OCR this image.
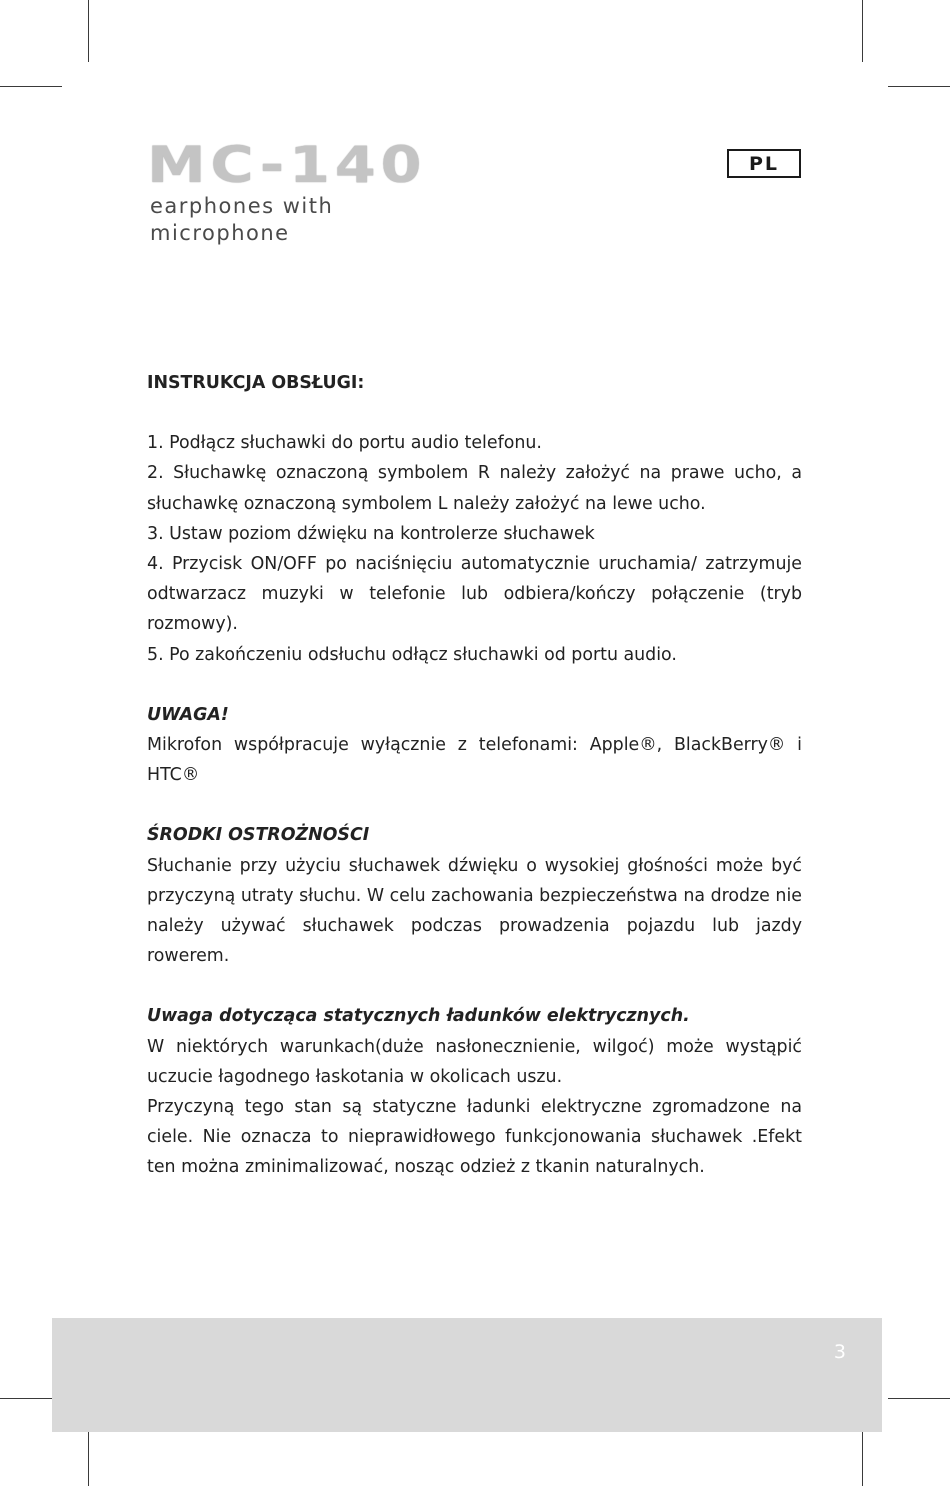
MC-140
earphones with
microphone
PL

INSTRUKCJA OBSŁUGI:

1. Podłącz słuchawki do portu audio telefonu.

2. Słuchawkę oznaczoną symbolem R należy założyć na prawe ucho, a słuchawkę oznaczoną symbolem L należy założyć na lewe ucho.

3. Ustaw poziom dźwięku na kontrolerze słuchawek

4. Przycisk ON/OFF po naciśnięciu automatycznie uruchamia/ zatrzymuje odtwarzacz muzyki w telefonie lub odbiera/kończy połączenie (tryb rozmowy).

5. Po zakończeniu odsłuchu odłącz słuchawki od portu audio.

UWAGA!

Mikrofon współpracuje wyłącznie z telefonami: Apple®, BlackBerry® i HTC®

ŚRODKI OSTROŻNOŚCI

Słuchanie przy użyciu słuchawek dźwięku o wysokiej głośności może być przyczyną utraty słuchu. W celu zachowania bezpieczeństwa na drodze nie należy używać słuchawek podczas prowadzenia pojazdu lub jazdy rowerem.

Uwaga dotycząca statycznych ładunków elektrycznych.

W niektórych warunkach(duże nasłonecznienie, wilgoć) może wystąpić uczucie łagodnego łaskotania w okolicach uszu.

Przyczyną tego stan są statyczne ładunki elektryczne zgromadzone na ciele. Nie oznacza to nieprawidłowego funkcjonowania słuchawek .Efekt ten można zminimalizować, nosząc odzież z tkanin naturalnych.

3
